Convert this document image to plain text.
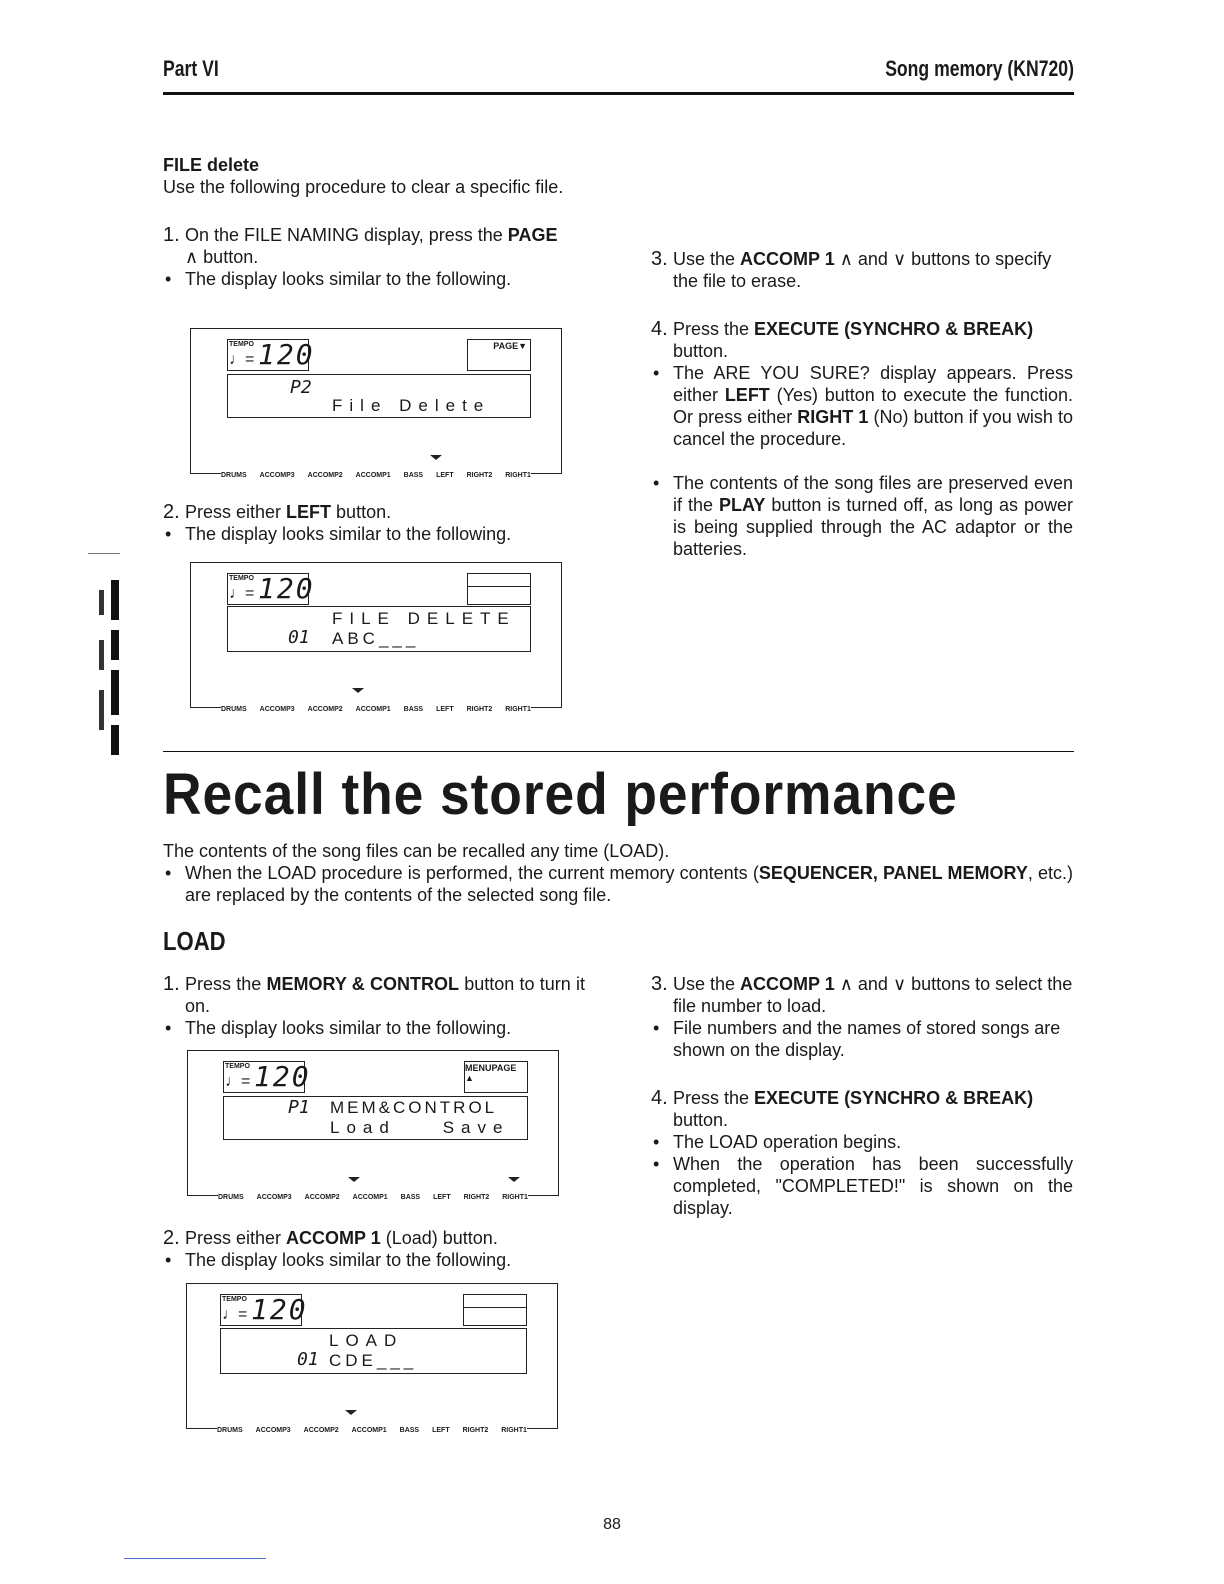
Part VI	Song memory (KN720)

FILE delete

Use the following procedure to clear a specific file.

1. On the FILE NAMING display, press the PAGE
∧ button.
• The display looks similar to the following.
TEMPO
♩= 120	PAGE▼
P2
File Delete
DRUMS ACCOMP3 ACCOMP2 ACCOMP1 BASS LEFT RIGHT2 RIGHT1
2. Press either LEFT button.
• The display looks similar to the following.
TEMPO
♩= 120
FILE DELETE
01 ABC___
DRUMS ACCOMP3 ACCOMP2 ACCOMP1 BASS LEFT RIGHT2 RIGHT1
3. Use the ACCOMP 1 ∧ and ∨ buttons to specify the file to erase.
4. Press the EXECUTE (SYNCHRO & BREAK) button.
• The ARE YOU SURE? display appears. Press either LEFT (Yes) button to execute the function. Or press either RIGHT 1 (No) button if you wish to cancel the procedure.
• The contents of the song files are preserved even if the PLAY button is turned off, as long as power is being supplied through the AC adaptor or the batteries.
Recall the stored performance

The contents of the song files can be recalled any time (LOAD).

• When the LOAD procedure is performed, the current memory contents (SEQUENCER, PANEL MEMORY, etc.) are replaced by the contents of the selected song file.
LOAD
1. Press the MEMORY & CONTROL button to turn it on.
• The display looks similar to the following.
TEMPO
♩= 120	MENUPAGE ▲
P1 MEM&CONTROL
Load    Save
DRUMS ACCOMP3 ACCOMP2 ACCOMP1 BASS LEFT RIGHT2 RIGHT1
2. Press either ACCOMP 1 (Load) button.
• The display looks similar to the following.
TEMPO
♩= 120
LOAD
01 CDE___
DRUMS ACCOMP3 ACCOMP2 ACCOMP1 BASS LEFT RIGHT2 RIGHT1
3. Use the ACCOMP 1 ∧ and ∨ buttons to select the file number to load.
• File numbers and the names of stored songs are shown on the display.
4. Press the EXECUTE (SYNCHRO & BREAK) button.
• The LOAD operation begins.
• When the operation has been successfully completed, "COMPLETED!" is shown on the display.
88
